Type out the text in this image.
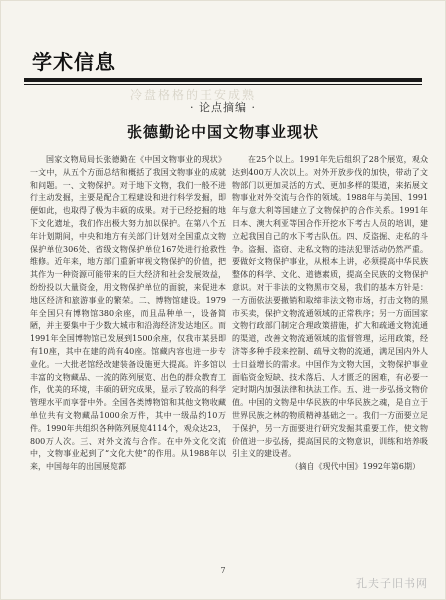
学术信息
冷盘格格的王安成熟
· 论点摘编 ·
张德勤论中国文物事业现状

国家文物局局长张德勤在《中国文物事业的现状》一文中，从五个方面总结和概括了我国文物事业的成就和问题。一、文物保护。对于地下文物，我们一般不进行主动发掘，主要是配合工程建设和进行科学发掘，即便如此，也取得了极为丰硕的成果。对于已经挖掘的地下文化遗址，我们作出极大努力加以保护。在第八个五年计划期间，中央和地方有关部门计划对全国重点文物保护单位306处、省级文物保护单位167处进行抢救性维修。近年来，地方部门重新审视文物保护的价值，把其作为一种资源可能带来的巨大经济和社会发展效益，纷纷投以大量资金，用文物保护单位的面貌，来促进本地区经济和旅游事业的繁荣。二、博物馆建设。1979年全国只有博物馆380余座，而且品种单一，设备简陋，并主要集中于少数大城市和沿海经济发达地区。而1991年全国博物馆已发展到1500余座，仅我市某县即有10座，其中在建的尚有40座。馆藏内容也进一步专业化。一大批老馆经改建装备设施更大提高。许多馆以丰富的文物藏品、一流的陈列展览、出色的群众教育工作，优美的环境，丰硕的研究成果，显示了较高的科学管理水平而享誉中外。全国各类博物馆和其他文物收藏单位共有文物藏品1000余万件，其中一级品约10万件。1990年共组织各种陈列展览4114个，观众达23，800万人次。三、对外文流与合作。在中外文化交流中，文物事业起到了“文化大使”的作用。从1988年以来，中国每年的出国展览都

在25个以上。1991年先后组织了28个展览，观众达到400万人次以上。对外开放步伐的加快，带动了文物部门以更加灵活的方式、更加多样的渠道，来拓展文物事业对外交流与合作的领域。1988年与美国、1991年与意大利等国建立了文物保护的合作关系。1991年日本、澳大利亚等国合作开挖水下考古人员的培训，建立起我国自己的水下考古队伍。四、反盗掘、走私的斗争。盗掘、盗窃、走私文物的违法犯罪活动仍然严重。要做好文物保护事业，从根本上讲，必须提高中华民族整体的科学、文化、道德素质，提高全民族的文物保护意识。对于非法的文物黑市交易，我们的基本方针是：一方面依法要撤销和取缔非法文物市场，打击文物的黑市买卖，保护文物流通领域的正常秩序；另一方面国家文物行政部门制定合理政策措施，扩大和疏通文物流通的渠道，改善文物流通领域的监督管理，运用政策，经济等多种手段来控制、疏导文物的流通，满足国内外人士日益增长的需求。中国作为文物大国，文物保护事业面临资金短缺、技术落后、人才匮乏的困难，有必要一定时期内加强法律和执法工作。五、进一步弘扬文物价值。中国的文物是中华民族的中华民族之魂，是自立于世界民族之林的物质精神基础之一。我们一方面要立足于保护，另一方面要进行研究发掘其重要工作，使文物价值进一步弘扬，提高国民的文物意识，训练和培养吸引主义的建设者。

（摘自《现代中国》1992年第6期）
7
孔夫子旧书网
